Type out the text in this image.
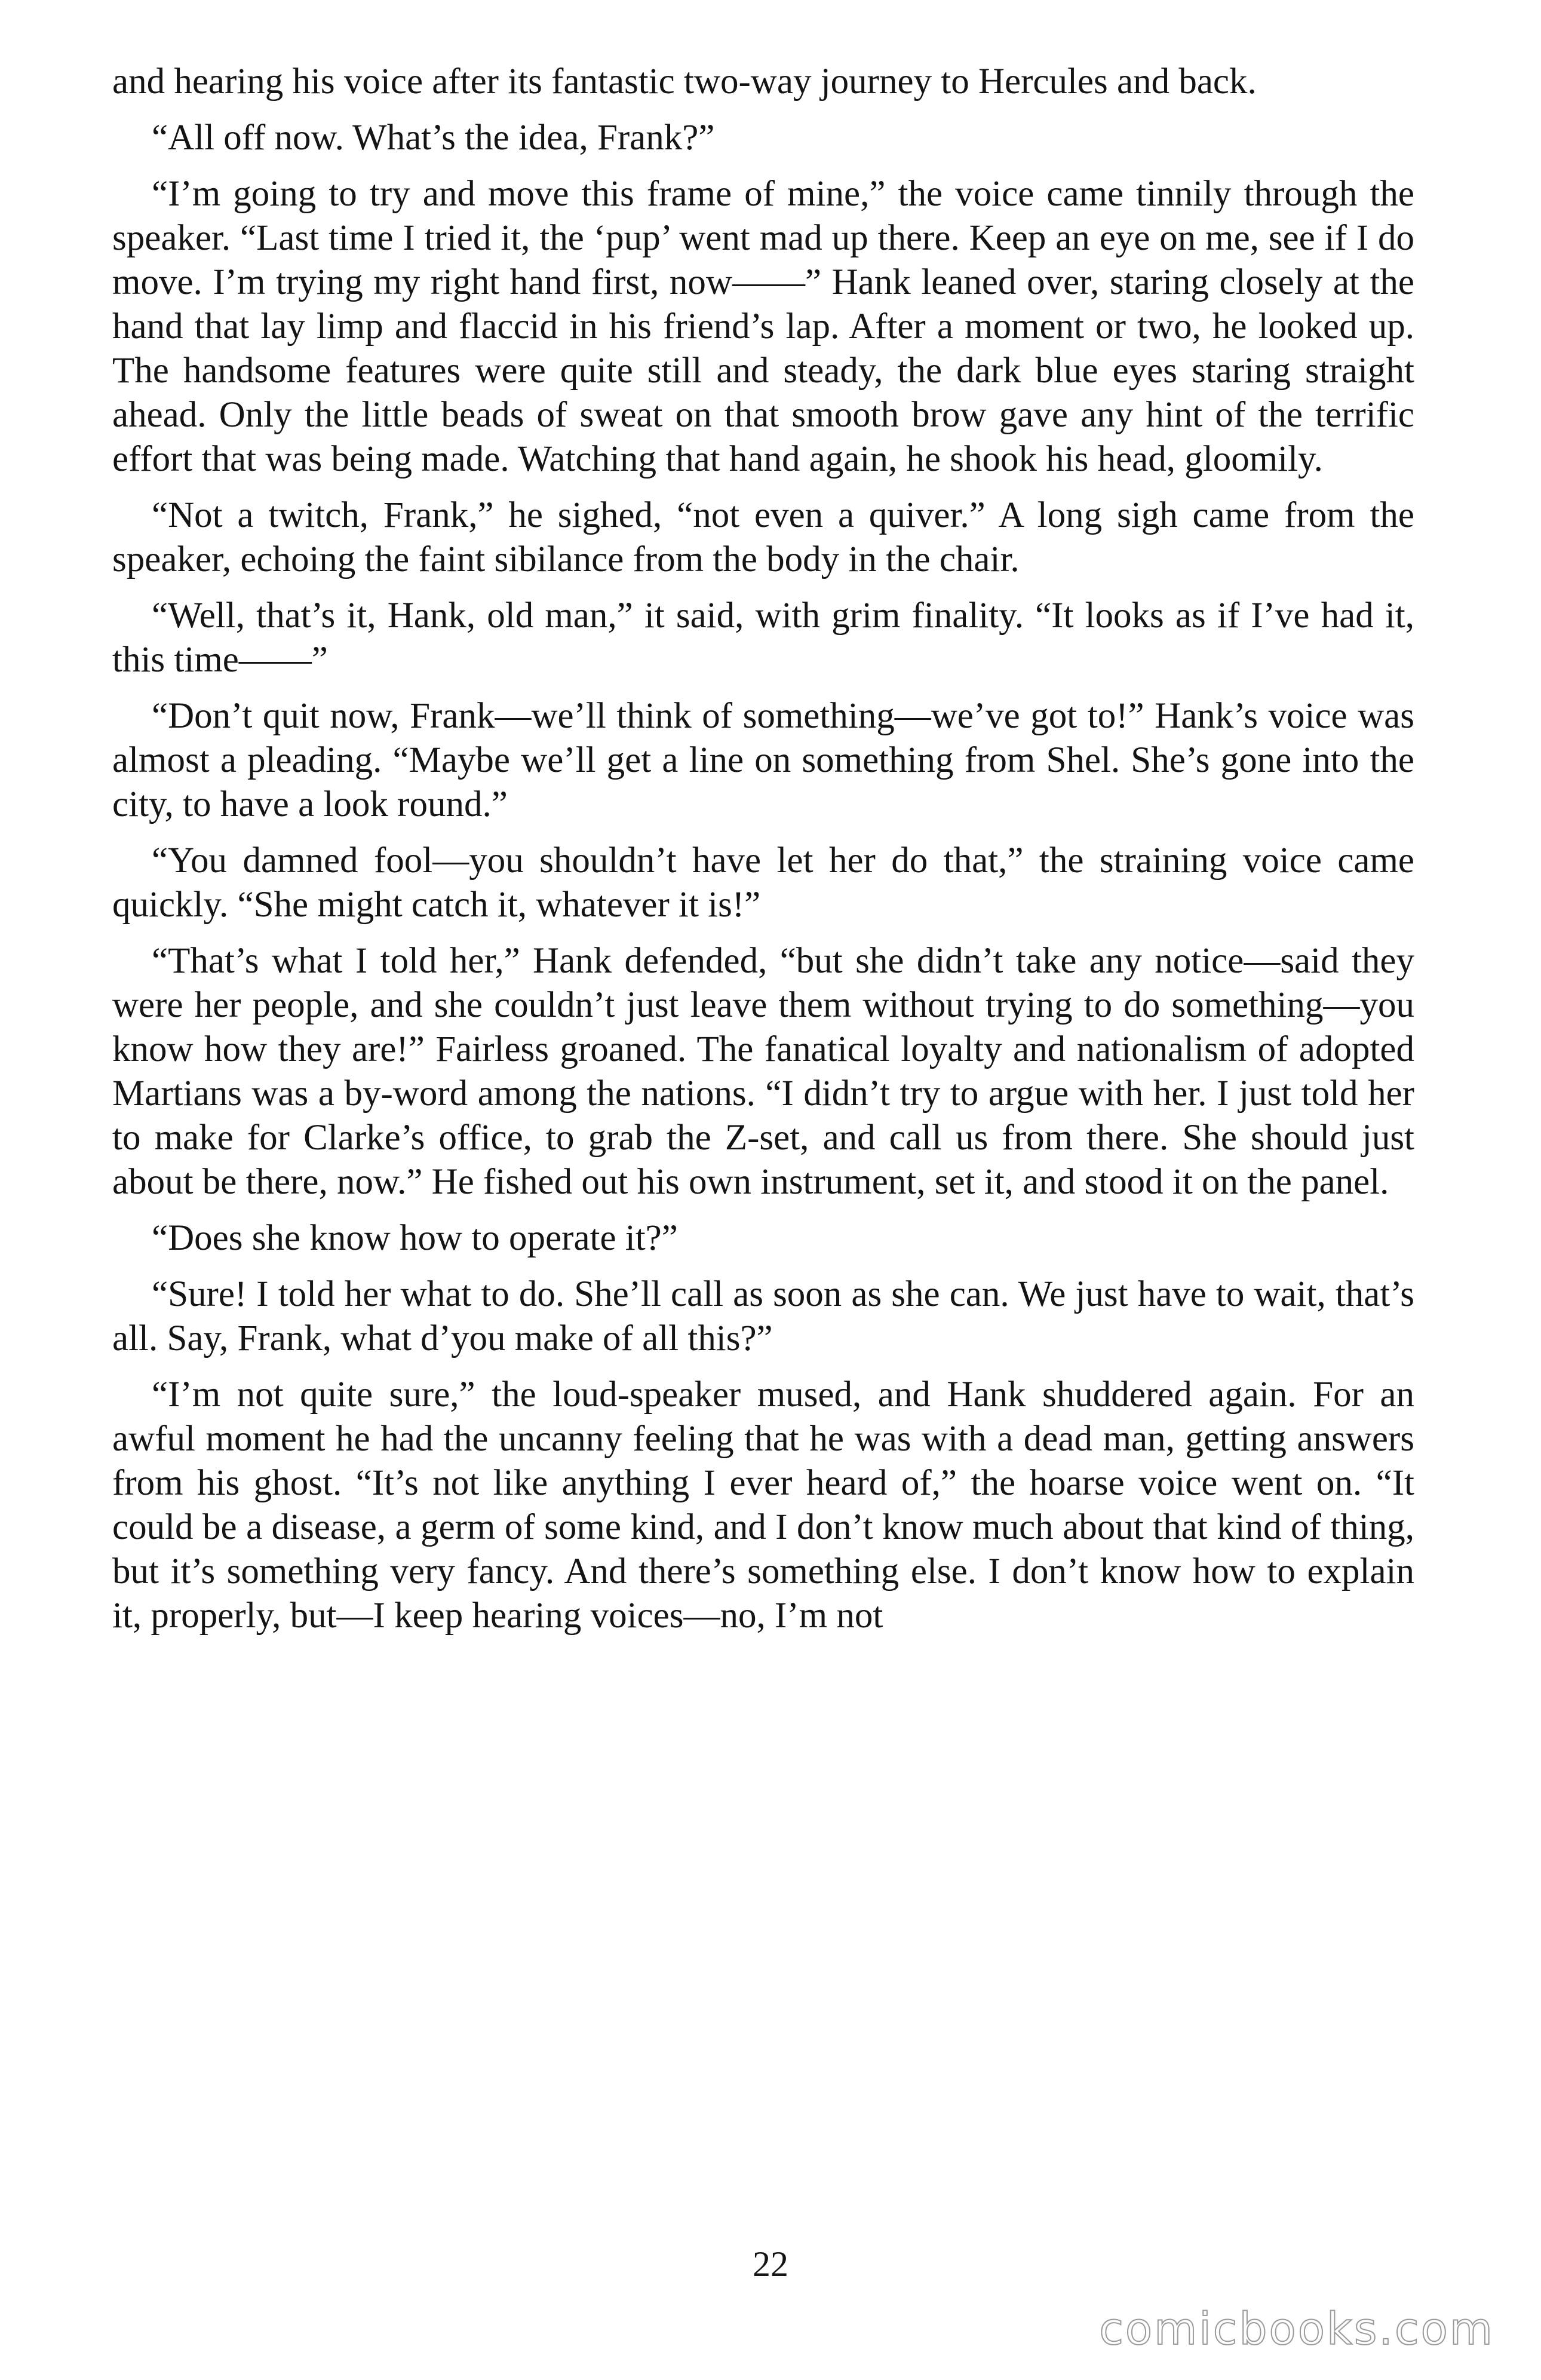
and hearing his voice after its fantastic two-way journey to Hercules and back.

“All off now. What’s the idea, Frank?”

“I’m going to try and move this frame of mine,” the voice came tinnily through the speaker. “Last time I tried it, the ‘pup’ went mad up there. Keep an eye on me, see if I do move. I’m trying my right hand first, now——” Hank leaned over, staring closely at the hand that lay limp and flaccid in his friend’s lap. After a moment or two, he looked up. The handsome features were quite still and steady, the dark blue eyes staring straight ahead. Only the little beads of sweat on that smooth brow gave any hint of the terrific effort that was being made. Watching that hand again, he shook his head, gloomily.

“Not a twitch, Frank,” he sighed, “not even a quiver.” A long sigh came from the speaker, echoing the faint sibilance from the body in the chair.

“Well, that’s it, Hank, old man,” it said, with grim finality. “It looks as if I’ve had it, this time——”

“Don’t quit now, Frank—we’ll think of something—we’ve got to!” Hank’s voice was almost a pleading. “Maybe we’ll get a line on something from Shel. She’s gone into the city, to have a look round.”

“You damned fool—you shouldn’t have let her do that,” the straining voice came quickly. “She might catch it, whatever it is!”

“That’s what I told her,” Hank defended, “but she didn’t take any notice—said they were her people, and she couldn’t just leave them without trying to do something—you know how they are!” Fairless groaned. The fanatical loyalty and nationalism of adopted Martians was a by-word among the nations. “I didn’t try to argue with her. I just told her to make for Clarke’s office, to grab the Z-set, and call us from there. She should just about be there, now.” He fished out his own instrument, set it, and stood it on the panel.

“Does she know how to operate it?”

“Sure! I told her what to do. She’ll call as soon as she can. We just have to wait, that’s all. Say, Frank, what d’you make of all this?”

“I’m not quite sure,” the loud-speaker mused, and Hank shuddered again. For an awful moment he had the uncanny feeling that he was with a dead man, getting answers from his ghost. “It’s not like anything I ever heard of,” the hoarse voice went on. “It could be a disease, a germ of some kind, and I don’t know much about that kind of thing, but it’s something very fancy. And there’s something else. I don’t know how to explain it, properly, but—I keep hearing voices—no, I’m not

22
comicbooks.com
